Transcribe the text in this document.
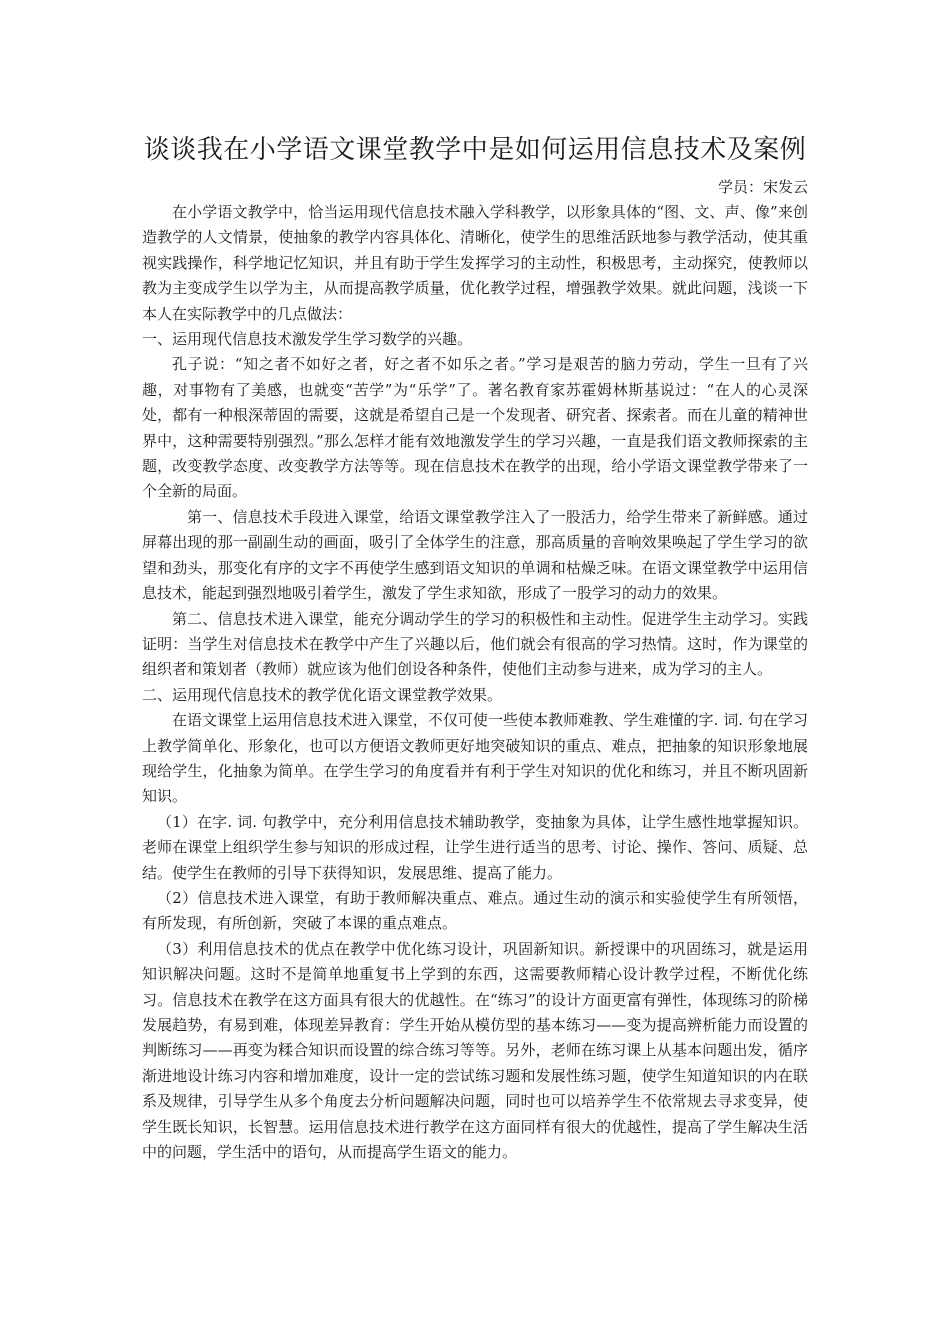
谈谈我在小学语文课堂教学中是如何运用信息技术及案例

学员：宋发云

在小学语文教学中，恰当运用现代信息技术融入学科教学，以形象具体的“图、文、声、像”来创造教学的人文情景，使抽象的教学内容具体化、清晰化，使学生的思维活跃地参与教学活动，使其重视实践操作，科学地记忆知识，并且有助于学生发挥学习的主动性，积极思考，主动探究，使教师以教为主变成学生以学为主，从而提高教学质量，优化教学过程，增强教学效果。就此问题，浅谈一下本人在实际教学中的几点做法：

一、运用现代信息技术激发学生学习数学的兴趣。

孔子说：“知之者不如好之者，好之者不如乐之者。”学习是艰苦的脑力劳动，学生一旦有了兴趣，对事物有了美感，也就变“苦学”为“乐学”了。著名教育家苏霍姆林斯基说过：“在人的心灵深处，都有一种根深蒂固的需要，这就是希望自己是一个发现者、研究者、探索者。而在儿童的精神世界中，这种需要特别强烈。”那么怎样才能有效地激发学生的学习兴趣，一直是我们语文教师探索的主题，改变教学态度、改变教学方法等等。现在信息技术在教学的出现，给小学语文课堂教学带来了一个全新的局面。

第一、信息技术手段进入课堂，给语文课堂教学注入了一股活力，给学生带来了新鲜感。通过屏幕出现的那一副副生动的画面，吸引了全体学生的注意，那高质量的音响效果唤起了学生学习的欲望和劲头，那变化有序的文字不再使学生感到语文知识的单调和枯燥乏味。在语文课堂教学中运用信息技术，能起到强烈地吸引着学生，激发了学生求知欲，形成了一股学习的动力的效果。

第二、信息技术进入课堂，能充分调动学生的学习的积极性和主动性。促进学生主动学习。实践证明：当学生对信息技术在教学中产生了兴趣以后，他们就会有很高的学习热情。这时，作为课堂的组织者和策划者（教师）就应该为他们创设各种条件，使他们主动参与进来，成为学习的主人。

二、运用现代信息技术的教学优化语文课堂教学效果。

在语文课堂上运用信息技术进入课堂，不仅可使一些使本教师难教、学生难懂的字. 词. 句在学习上教学简单化、形象化，也可以方便语文教师更好地突破知识的重点、难点，把抽象的知识形象地展现给学生，化抽象为简单。在学生学习的角度看并有利于学生对知识的优化和练习，并且不断巩固新知识。

（1）在字. 词. 句教学中，充分利用信息技术辅助教学，变抽象为具体，让学生感性地掌握知识。老师在课堂上组织学生参与知识的形成过程，让学生进行适当的思考、讨论、操作、答问、质疑、总结。使学生在教师的引导下获得知识，发展思维、提高了能力。

（2）信息技术进入课堂，有助于教师解决重点、难点。通过生动的演示和实验使学生有所领悟，有所发现，有所创新，突破了本课的重点难点。

（3）利用信息技术的优点在教学中优化练习设计，巩固新知识。新授课中的巩固练习，就是运用知识解决问题。这时不是简单地重复书上学到的东西，这需要教师精心设计教学过程，不断优化练习。信息技术在教学在这方面具有很大的优越性。在“练习”的设计方面更富有弹性，体现练习的阶梯发展趋势，有易到难，体现差异教育：学生开始从模仿型的基本练习——变为提高辨析能力而设置的判断练习——再变为糅合知识而设置的综合练习等等。另外，老师在练习课上从基本问题出发，循序渐进地设计练习内容和增加难度，设计一定的尝试练习题和发展性练习题，使学生知道知识的内在联系及规律，引导学生从多个角度去分析问题解决问题，同时也可以培养学生不依常规去寻求变异，使学生既长知识，长智慧。运用信息技术进行教学在这方面同样有很大的优越性，提高了学生解决生活中的问题，学生活中的语句，从而提高学生语文的能力。
